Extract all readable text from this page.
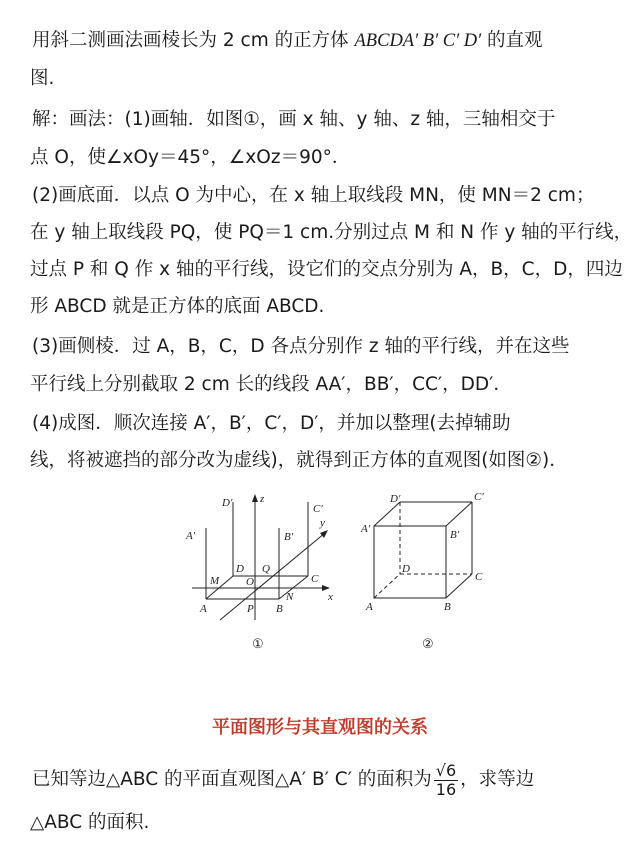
用斜二测画法画棱长为 2 cm 的正方体 ABCDA′ B′ C′ D′ 的直观
图.
解：画法：(1)画轴．如图①，画 x 轴、y 轴、z 轴，三轴相交于
点 O，使∠xOy＝45°，∠xOz＝90°．
(2)画底面．以点 O 为中心，在 x 轴上取线段 MN，使 MN＝2 cm；
在 y 轴上取线段 PQ，使 PQ＝1 cm.分别过点 M 和 N 作 y 轴的平行线，
过点 P 和 Q 作 x 轴的平行线，设它们的交点分别为 A，B，C，D，四边
形 ABCD 就是正方体的底面 ABCD.
(3)画侧棱．过 A，B，C，D 各点分别作 z 轴的平行线，并在这些
平行线上分别截取 2 cm 长的线段 AA′，BB′，CC′，DD′．
(4)成图．顺次连接 A′，B′，C′，D′，并加以整理(去掉辅助
线，将被遮挡的部分改为虚线)，就得到正方体的直观图(如图②)．
D′	z
C′
y
A′	B′
M
D Q
C
O
x
A	P B
N
①
D′	C′
A′	B′
D
C
A	B
②
平面图形与其直观图的关系
已知等边△ABC 的平面直观图△A′ B′ C′ 的面积为 $\frac{√6}{16}$ ，求等边
△ABC 的面积.
